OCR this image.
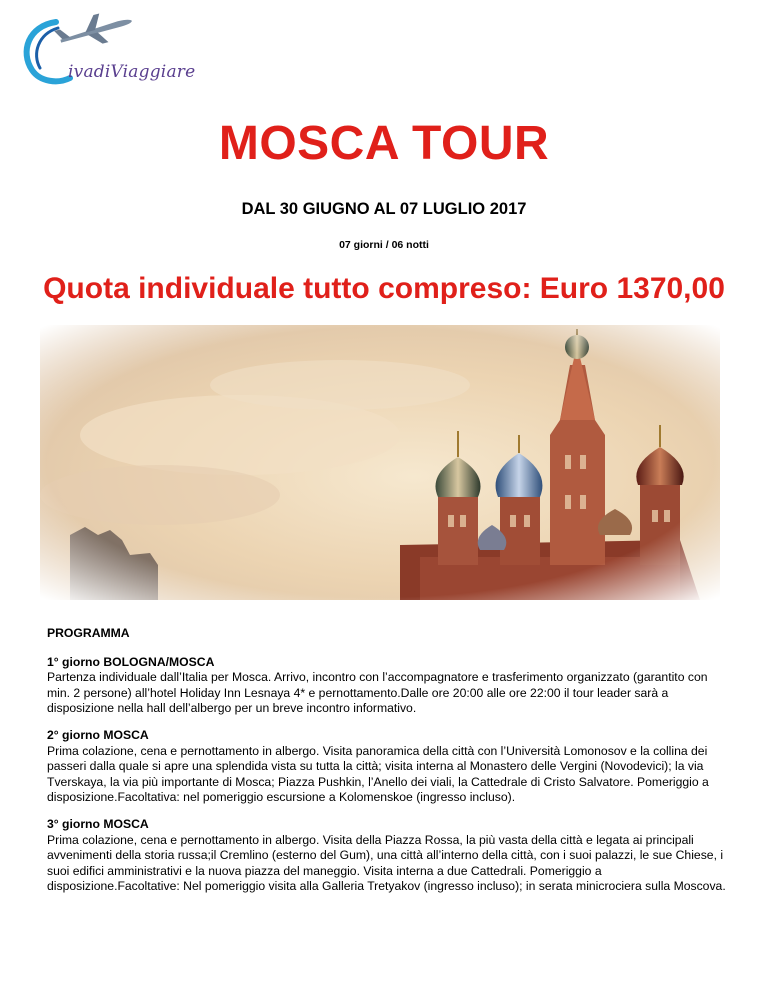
ivadiViaggiare
MOSCA TOUR
DAL 30 GIUGNO AL 07 LUGLIO 2017
07 giorni / 06 notti
Quota individuale tutto compreso: Euro 1370,00
PROGRAMMA
1° giorno BOLOGNA/MOSCA
Partenza individuale dall’Italia per Mosca. Arrivo, incontro con l’accompagnatore e trasferimento organizzato (garantito con min. 2 persone) all’hotel Holiday Inn Lesnaya 4* e pernottamento.Dalle ore 20:00 alle ore 22:00 il tour leader sarà a disposizione nella hall dell’albergo per un breve incontro informativo.
2° giorno MOSCA
Prima colazione, cena e pernottamento in albergo. Visita panoramica della città con l’Università Lomonosov e la collina dei passeri dalla quale si apre una splendida vista su tutta la città; visita interna al Monastero delle Vergini (Novodevici); la via Tverskaya, la via più importante di Mosca; Piazza Pushkin, l’Anello dei viali, la Cattedrale di Cristo Salvatore. Pomeriggio a disposizione.Facoltativa: nel pomeriggio escursione a Kolomenskoe (ingresso incluso).
3° giorno MOSCA
Prima colazione, cena e pernottamento in albergo. Visita della Piazza Rossa, la più vasta della città e legata ai principali avvenimenti della storia russa;il Cremlino (esterno del Gum), una città all’interno della città, con i suoi palazzi, le sue Chiese, i suoi edifici amministrativi e la nuova piazza del maneggio. Visita interna a due Cattedrali. Pomeriggio a disposizione.Facoltative: Nel pomeriggio visita alla Galleria Tretyakov (ingresso incluso); in serata minicrociera sulla Moscova.
